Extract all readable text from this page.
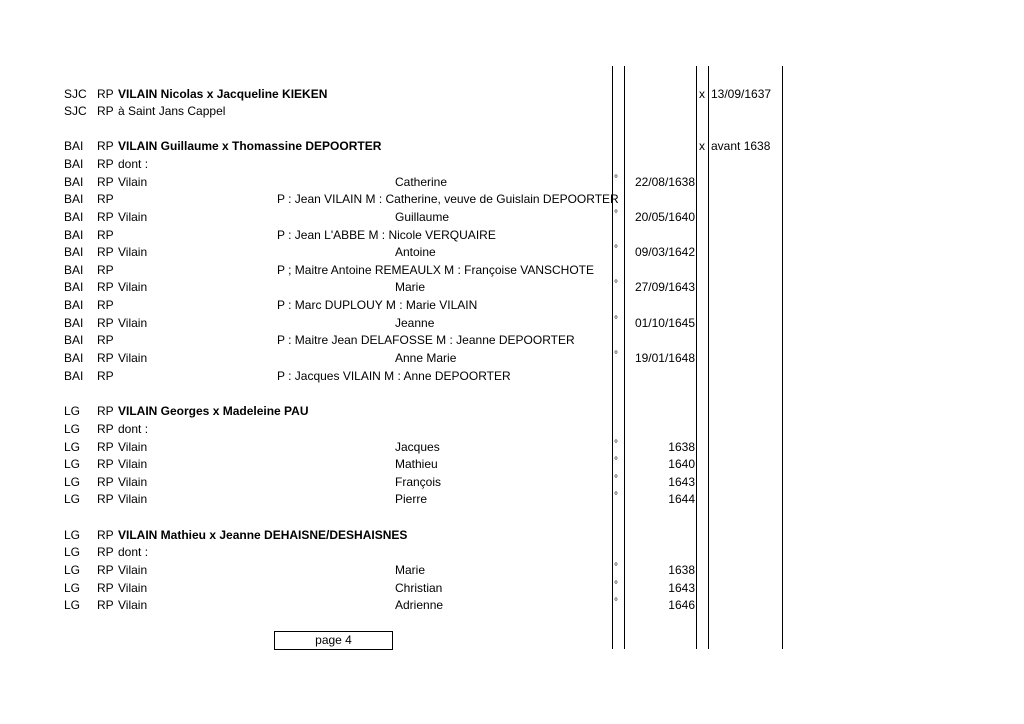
SJC RP VILAIN Nicolas x Jacqueline KIEKEN	x 13/09/1637
SJC RP à Saint Jans Cappel
BAI RP VILAIN Guillaume x Thomassine DEPOORTER	x avant 1638
BAI RP dont :
BAI RP Vilain	Catherine	°	22/08/1638
BAI RP	P : Jean VILAIN M : Catherine, veuve de Guislain DEPOORTER
BAI RP Vilain	Guillaume	°	20/05/1640
BAI RP	P : Jean L'ABBE M : Nicole VERQUAIRE
BAI RP Vilain	Antoine	°	09/03/1642
BAI RP	P ; Maitre Antoine REMEAULX M : Françoise VANSCHOTE
BAI RP Vilain	Marie	°	27/09/1643
BAI RP	P : Marc DUPLOUY M : Marie VILAIN
BAI RP Vilain	Jeanne	°	01/10/1645
BAI RP	P : Maitre Jean DELAFOSSE M : Jeanne DEPOORTER
BAI RP Vilain	Anne Marie	°	19/01/1648
BAI RP	P : Jacques VILAIN M : Anne DEPOORTER
LG RP VILAIN Georges x Madeleine PAU
LG RP dont :
LG RP Vilain	Jacques	°	1638
LG RP Vilain	Mathieu	°	1640
LG RP Vilain	François	°	1643
LG RP Vilain	Pierre	°	1644
LG RP VILAIN Mathieu x Jeanne DEHAISNE/DESHAISNES
LG RP dont :
LG RP Vilain	Marie	°	1638
LG RP Vilain	Christian	°	1643
LG RP Vilain	Adrienne	°	1646
page 4
